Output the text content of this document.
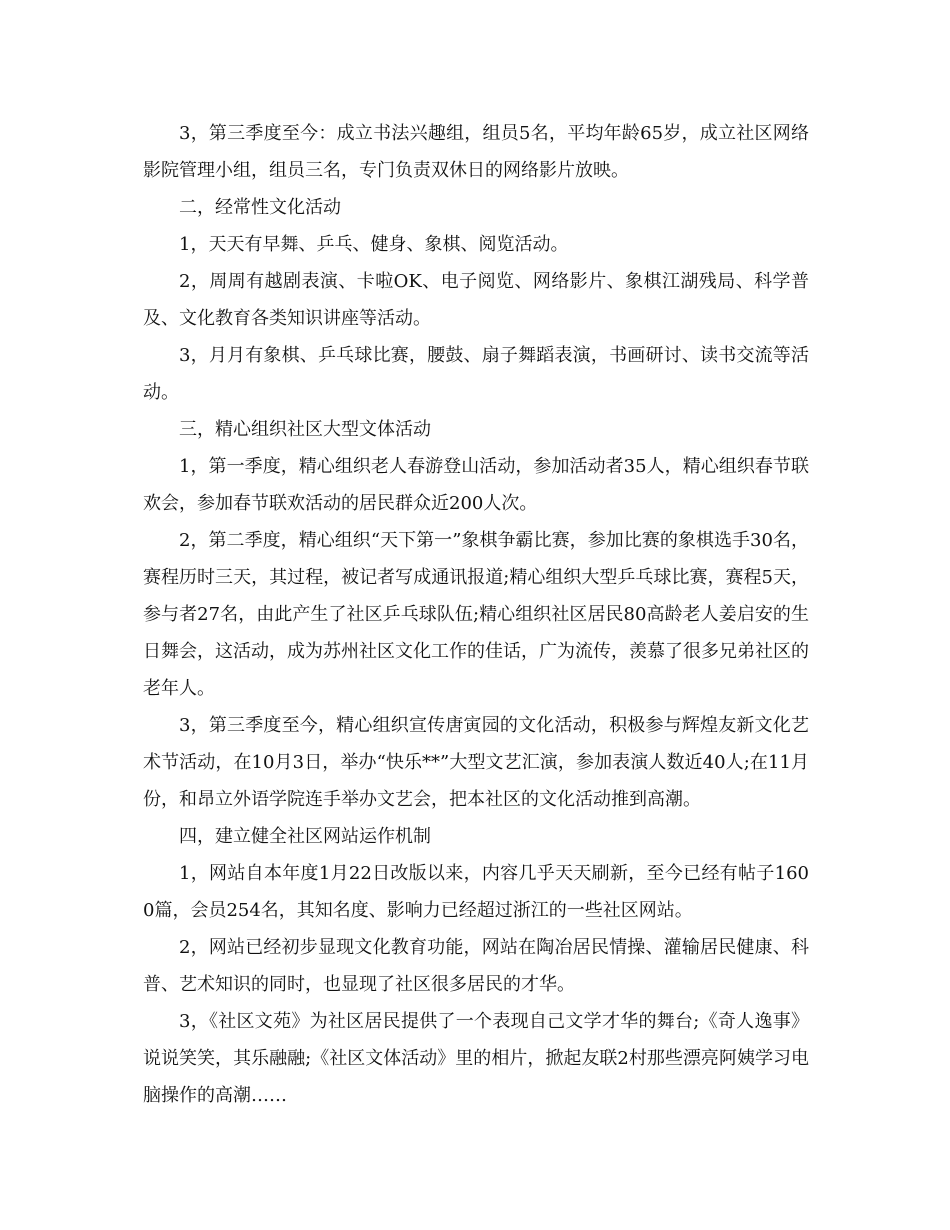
3，第三季度至今：成立书法兴趣组，组员5名，平均年龄65岁，成立社区网络影院管理小组，组员三名，专门负责双休日的网络影片放映。

二，经常性文化活动

1，天天有早舞、乒乓、健身、象棋、阅览活动。

2，周周有越剧表演、卡啦OK、电子阅览、网络影片、象棋江湖残局、科学普及、文化教育各类知识讲座等活动。

3，月月有象棋、乒乓球比赛，腰鼓、扇子舞蹈表演，书画研讨、读书交流等活动。

三，精心组织社区大型文体活动

1，第一季度，精心组织老人春游登山活动，参加活动者35人，精心组织春节联欢会，参加春节联欢活动的居民群众近200人次。

2，第二季度，精心组织“天下第一”象棋争霸比赛，参加比赛的象棋选手30名，赛程历时三天，其过程，被记者写成通讯报道;精心组织大型乒乓球比赛，赛程5天，参与者27名，由此产生了社区乒乓球队伍;精心组织社区居民80高龄老人姜启安的生日舞会，这活动，成为苏州社区文化工作的佳话，广为流传，羡慕了很多兄弟社区的老年人。

3，第三季度至今，精心组织宣传唐寅园的文化活动，积极参与辉煌友新文化艺术节活动，在10月3日，举办“快乐**”大型文艺汇演，参加表演人数近40人;在11月份，和昂立外语学院连手举办文艺会，把本社区的文化活动推到高潮。

四，建立健全社区网站运作机制

1，网站自本年度1月22日改版以来，内容几乎天天刷新，至今已经有帖子1600篇，会员254名，其知名度、影响力已经超过浙江的一些社区网站。

2，网站已经初步显现文化教育功能，网站在陶冶居民情操、灌输居民健康、科普、艺术知识的同时，也显现了社区很多居民的才华。

3，《社区文苑》为社区居民提供了一个表现自己文学才华的舞台;《奇人逸事》说说笑笑，其乐融融;《社区文体活动》里的相片，掀起友联2村那些漂亮阿姨学习电脑操作的高潮……
